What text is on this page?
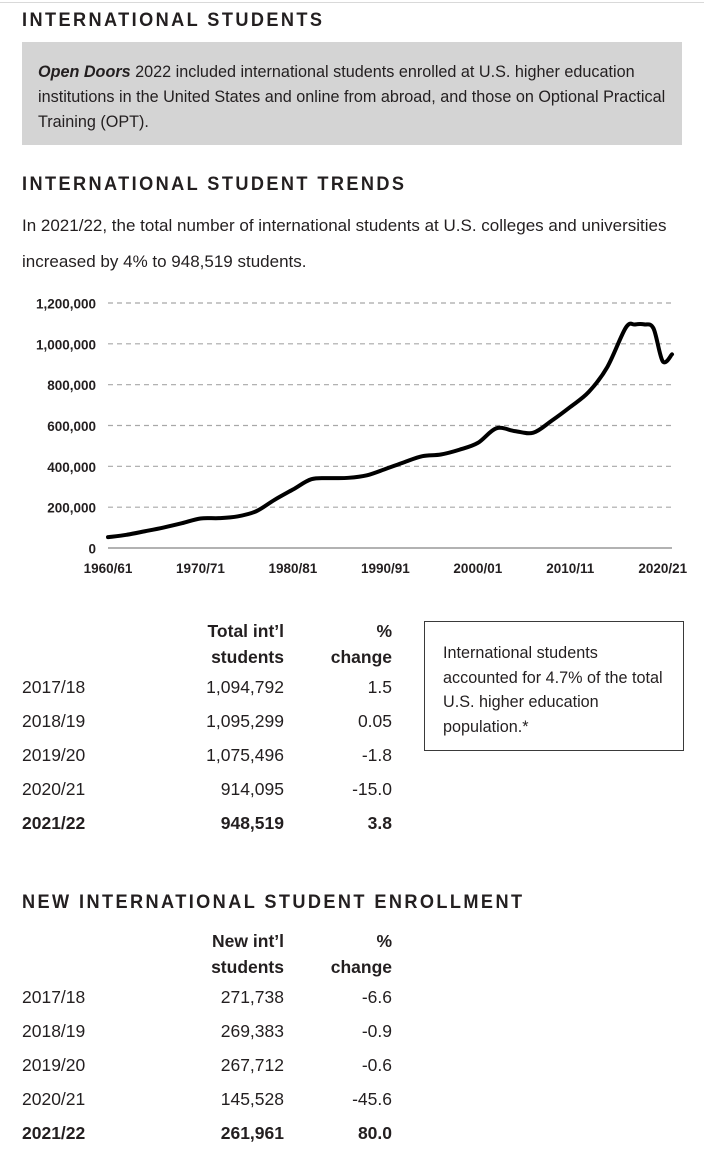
INTERNATIONAL STUDENTS
Open Doors 2022 included international students enrolled at U.S. higher education institutions in the United States and online from abroad, and those on Optional Practical Training (OPT).
INTERNATIONAL STUDENT TRENDS
In 2021/22, the total number of international students at U.S. colleges and universities increased by 4% to 948,519 students.
0
200,000
400,000
600,000
800,000
1,000,000
1,200,000
1960/61	1970/71	1980/81	1990/91	2000/01	2010/11	2020/21

	Total int’l
students	%
change

2017/18	1,094,792	1.5
2018/19	1,095,299	0.05
2019/20	1,075,496	-1.8
2020/21	914,095	-15.0
2021/22	948,519	3.8
International students accounted for 4.7% of the total U.S. higher education population.*
NEW INTERNATIONAL STUDENT ENROLLMENT

	New int’l
students	%
change

2017/18	271,738	-6.6
2018/19	269,383	-0.9
2019/20	267,712	-0.6
2020/21	145,528	-45.6
2021/22	261,961	80.0
